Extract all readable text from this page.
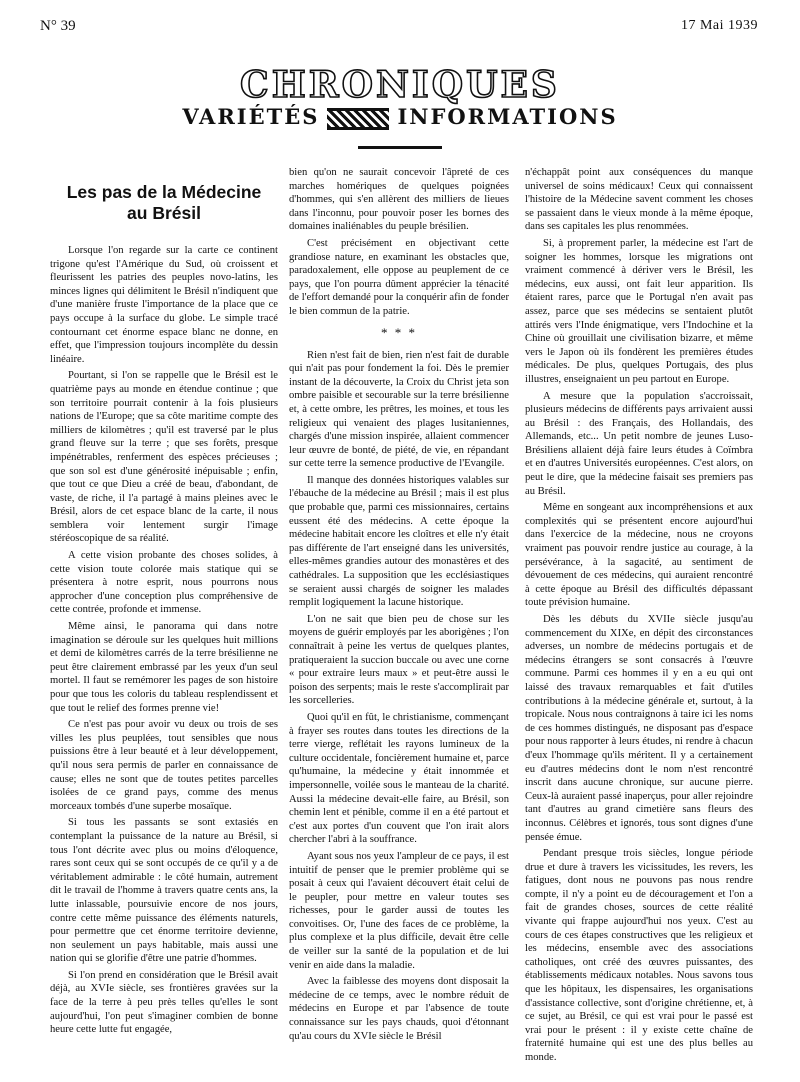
N° 39	17 Mai 1939
CHRONIQUES
VARIÉTÉS	INFORMATIONS
Les pas de la Médecine
au Brésil

Lorsque l'on regarde sur la carte ce continent trigone qu'est l'Amérique du Sud, où croissent et fleurissent les patries des peuples novo-latins, les minces lignes qui délimitent le Brésil n'indiquent que d'une manière fruste l'importance de la place que ce pays occupe à la surface du globe. Le simple tracé contournant cet énorme espace blanc ne donne, en effet, que l'impression toujours incomplète du dessin linéaire.

Pourtant, si l'on se rappelle que le Brésil est le quatrième pays au monde en étendue continue ; que son territoire pourrait contenir à la fois plusieurs nations de l'Europe; que sa côte maritime compte des milliers de kilomètres ; qu'il est traversé par le plus grand fleuve sur la terre ; que ses forêts, presque impénétrables, renferment des espèces précieuses ; que son sol est d'une générosité inépuisable ; enfin, que tout ce que Dieu a créé de beau, d'abondant, de vaste, de riche, il l'a partagé à mains pleines avec le Brésil, alors de cet espace blanc de la carte, il nous semblera voir lentement surgir l'image stéréoscopique de sa réalité.

A cette vision probante des choses solides, à cette vision toute colorée mais statique qui se présentera à notre esprit, nous pourrons nous approcher d'une conception plus compréhensive de cette contrée, profonde et immense.

Même ainsi, le panorama qui dans notre imagination se déroule sur les quelques huit millions et demi de kilomètres carrés de la terre brésilienne ne peut être clairement embrassé par les yeux d'un seul mortel. Il faut se remémorer les pages de son histoire pour que tous les coloris du tableau resplendissent et que tout le relief des formes prenne vie!

Ce n'est pas pour avoir vu deux ou trois de ses villes les plus peuplées, tout sensibles que nous puissions être à leur beauté et à leur développement, qu'il nous sera permis de parler en connaissance de cause; elles ne sont que de toutes petites parcelles isolées de ce grand pays, comme des menus morceaux tombés d'une superbe mosaïque.

Si tous les passants se sont extasiés en contemplant la puissance de la nature au Brésil, si tous l'ont décrite avec plus ou moins d'éloquence, rares sont ceux qui se sont occupés de ce qu'il y a de véritablement admirable : le côté humain, autrement dit le travail de l'homme à travers quatre cents ans, la lutte inlassable, poursuivie encore de nos jours, contre cette même puissance des éléments naturels, pour permettre que cet énorme territoire devienne, non seulement un pays habitable, mais aussi une nation qui se glorifie d'être une patrie d'hommes.

Si l'on prend en considération que le Brésil avait déjà, au XVIe siècle, ses frontières gravées sur la face de la terre à peu près telles qu'elles le sont aujourd'hui, l'on peut s'imaginer combien de bonne heure cette lutte fut engagée,

bien qu'on ne saurait concevoir l'âpreté de ces marches homériques de quelques poignées d'hommes, qui s'en allèrent des milliers de lieues dans l'inconnu, pour pouvoir poser les bornes des domaines inaliénables du peuple brésilien.

C'est précisément en objectivant cette grandiose nature, en examinant les obstacles que, paradoxalement, elle oppose au peuplement de ce pays, que l'on pourra dûment apprécier la ténacité de l'effort demandé pour la conquérir afin de fonder le bien commun de la patrie.

* * *

Rien n'est fait de bien, rien n'est fait de durable qui n'ait pas pour fondement la foi. Dès le premier instant de la découverte, la Croix du Christ jeta son ombre paisible et secourable sur la terre brésilienne et, à cette ombre, les prêtres, les moines, et tous les religieux qui venaient des plages lusitaniennes, chargés d'une mission inspirée, allaient commencer leur œuvre de bonté, de piété, de vie, en répandant sur cette terre la semence productive de l'Evangile.

Il manque des données historiques valables sur l'ébauche de la médecine au Brésil ; mais il est plus que probable que, parmi ces missionnaires, certains eussent été des médecins. A cette époque la médecine habitait encore les cloîtres et elle n'y était pas différente de l'art enseigné dans les universités, elles-mêmes grandies autour des monastères et des cathédrales. La supposition que les ecclésiastiques se seraient aussi chargés de soigner les malades remplit logiquement la lacune historique.

L'on ne sait que bien peu de chose sur les moyens de guérir employés par les aborigènes ; l'on connaîtrait à peine les vertus de quelques plantes, pratiqueraient la succion buccale ou avec une corne « pour extraire leurs maux » et peut-être aussi le poison des serpents; mais le reste s'accomplirait par les sorcelleries.

Quoi qu'il en fût, le christianisme, commençant à frayer ses routes dans toutes les directions de la terre vierge, reflétait les rayons lumineux de la culture occidentale, foncièrement humaine et, parce qu'humaine, la médecine y était innommée et impersonnelle, voilée sous le manteau de la charité. Aussi la médecine devait-elle faire, au Brésil, son chemin lent et pénible, comme il en a été partout et c'est aux portes d'un couvent que l'on irait alors chercher l'abri à la souffrance.

Ayant sous nos yeux l'ampleur de ce pays, il est intuitif de penser que le premier problème qui se posait à ceux qui l'avaient découvert était celui de le peupler, pour mettre en valeur toutes ses richesses, pour le garder aussi de toutes les convoitises. Or, l'une des faces de ce problème, la plus complexe et la plus difficile, devait être celle de veiller sur la santé de la population et de lui venir en aide dans la maladie.

Avec la faiblesse des moyens dont disposait la médecine de ce temps, avec le nombre réduit de médecins en Europe et par l'absence de toute connaissance sur les pays chauds, quoi d'étonnant qu'au cours du XVIe siècle le Brésil

n'échappât point aux conséquences du manque universel de soins médicaux! Ceux qui connaissent l'histoire de la Médecine savent comment les choses se passaient dans le vieux monde à la même époque, dans ses capitales les plus renommées.

Si, à proprement parler, la médecine est l'art de soigner les hommes, lorsque les migrations ont vraiment commencé à dériver vers le Brésil, les médecins, eux aussi, ont fait leur apparition. Ils étaient rares, parce que le Portugal n'en avait pas assez, parce que ses médecins se sentaient plutôt attirés vers l'Inde énigmatique, vers l'Indochine et la Chine où grouillait une civilisation bizarre, et même vers le Japon où ils fondèrent les premières études médicales. De plus, quelques Portugais, des plus illustres, enseignaient un peu partout en Europe.

A mesure que la population s'accroissait, plusieurs médecins de différents pays arrivaient aussi au Brésil : des Français, des Hollandais, des Allemands, etc... Un petit nombre de jeunes Luso-Brésiliens allaient déjà faire leurs études à Coïmbra et en d'autres Universités européennes. C'est alors, on peut le dire, que la médecine faisait ses premiers pas au Brésil.

Même en songeant aux incompréhensions et aux complexités qui se présentent encore aujourd'hui dans l'exercice de la médecine, nous ne croyons vraiment pas pouvoir rendre justice au courage, à la persévérance, à la sagacité, au sentiment de dévouement de ces médecins, qui auraient rencontré à cette époque au Brésil des difficultés dépassant toute prévision humaine.

Dès les débuts du XVIIe siècle jusqu'au commencement du XIXe, en dépit des circonstances adverses, un nombre de médecins portugais et de médecins étrangers se sont consacrés à l'œuvre commune. Parmi ces hommes il y en a eu qui ont laissé des travaux remarquables et fait d'utiles contributions à la médecine générale et, surtout, à la tropicale. Nous nous contraignons à taire ici les noms de ces hommes distingués, ne disposant pas d'espace pour nous rapporter à leurs études, ni rendre à chacun d'eux l'hommage qu'ils méritent. Il y a certainement eu d'autres médecins dont le nom n'est rencontré inscrit dans aucune chronique, sur aucune pierre. Ceux-là auraient passé inaperçus, pour aller rejoindre tant d'autres au grand cimetière sans fleurs des inconnus. Célèbres et ignorés, tous sont dignes d'une pensée émue.

Pendant presque trois siècles, longue période drue et dure à travers les vicissitudes, les revers, les fatigues, dont nous ne pouvons pas nous rendre compte, il n'y a point eu de découragement et l'on a fait de grandes choses, sources de cette réalité vivante qui frappe aujourd'hui nos yeux. C'est au cours de ces étapes constructives que les religieux et les médecins, ensemble avec des associations catholiques, ont créé des œuvres puissantes, des établissements médicaux notables. Nous savons tous que les hôpitaux, les dispensaires, les organisations d'assistance collective, sont d'origine chrétienne, et, à ce sujet, au Brésil, ce qui est vrai pour le passé est vrai pour le présent : il y existe cette chaîne de fraternité humaine qui est une des plus belles au monde.
